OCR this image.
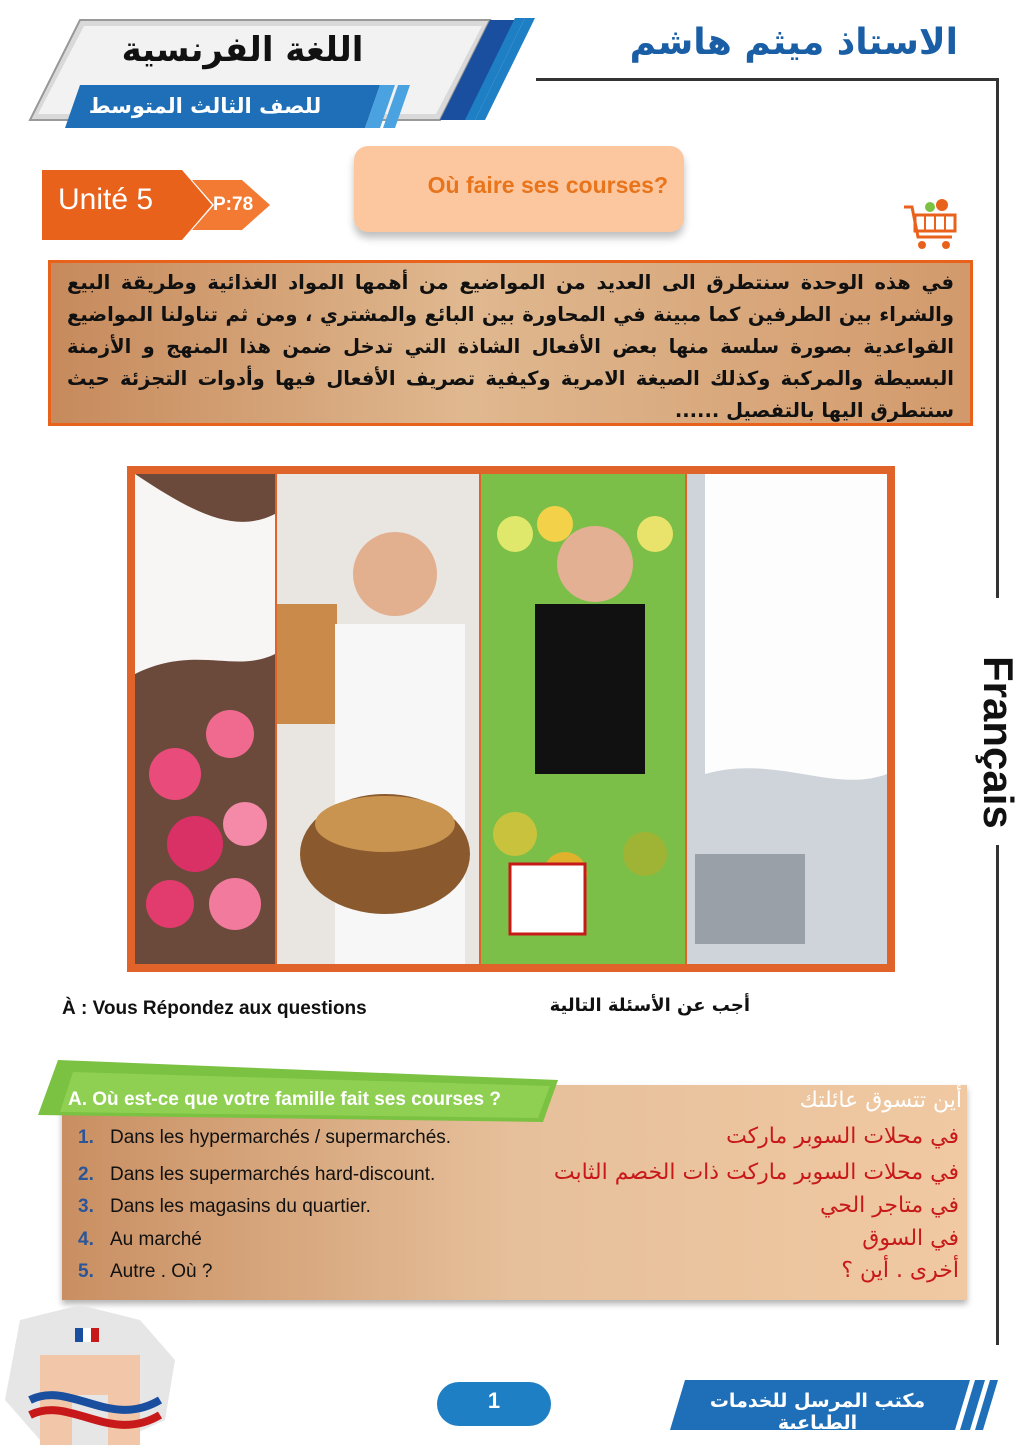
الاستاذ ميثم هاشم
اللغة الفرنسية
للصف الثالث المتوسط
Unité 5	P:78
Où faire ses courses?
في هذه الوحدة سنتطرق الى العديد من المواضيع من أهمها المواد الغذائية وطريقة البيع والشراء بين الطرفين كما مبينة في المحاورة بين البائع والمشتري ، ومن ثم تناولنا المواضيع القواعدية بصورة سلسة منها بعض الأفعال الشاذة التي تدخل ضمن هذا المنهج و الأزمنة البسيطة والمركبة وكذلك الصيغة الامرية وكيفية تصريف الأفعال فيها وأدوات التجزئة حيث سنتطرق اليها بالتفصيل ......
Français
À : Vous Répondez aux questions	أجب عن الأسئلة التالية
A. Où est-ce que votre famille fait ses courses ?	أين تتسوق عائلتك
1. Dans les hypermarchés / supermarchés.	في محلات السوبر ماركت
2. Dans les supermarchés hard-discount.	في محلات السوبر ماركت ذات الخصم الثابت
3. Dans les magasins du quartier.	في متاجر الحي
4. Au marché	في السوق
5. Autre . Où ?	أخرى . أين ؟
1	مكتب المرسل للخدمات الطباعية
